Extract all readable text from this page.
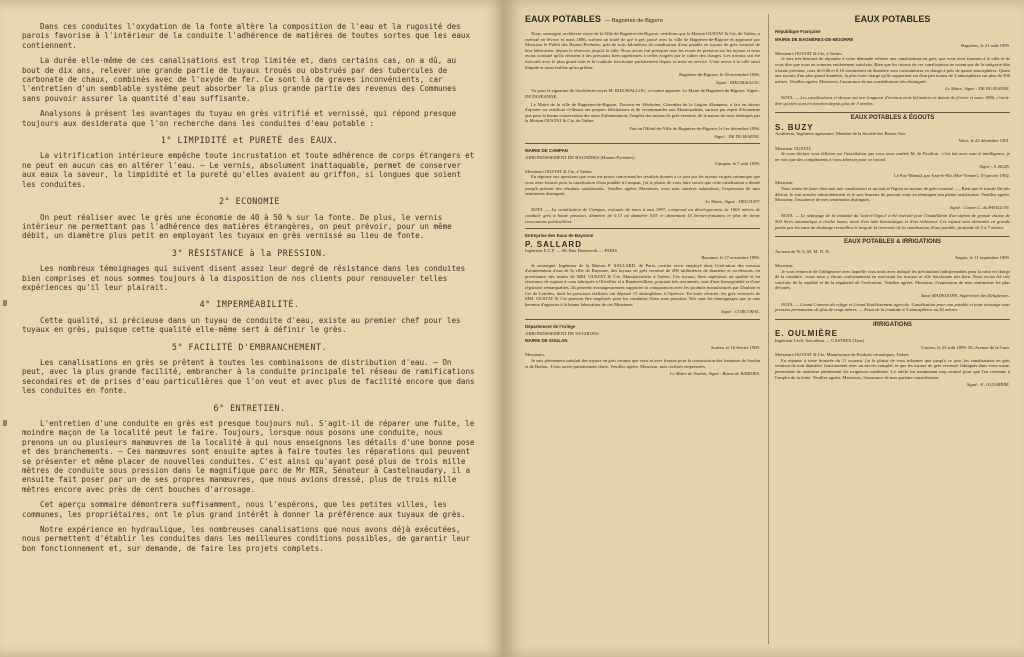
Dans ces conduites l'oxydation de la fonte altère la composition de l'eau et la rugosité des parois favorise à l'intérieur de la conduite l'adhérence de matières de toutes sortes que les eaux contiennent.

La durée elle-même de ces canalisations est trop limitée et, dans certains cas, on a dû, au bout de dix ans, relever une grande partie de tuyaux troués ou obstrués par des tubercules de carbonate de chaux, combinés avec de l'oxyde de fer. Ce sont là de graves inconvénients, car l'entretien d'un semblable système peut absorber la plus grande partie des revenus des Communes sans pouvoir assurer la quantité d'eau suffisante.

Analysons à présent les avantages du tuyau en grès vitrifié et vernissé, qui répond presque toujours aux desiderata que l'on recherche dans les conduites d'eau potable :

1° LIMPIDITÉ et PURETÉ des EAUX.

La vitrification intérieure empêche toute incrustation et toute adhérence de corps étrangers et ne peut en aucun cas en altérer l'eau. — Le vernis, absolument inattaquable, permet de conserver aux eaux la saveur, la limpidité et la pureté qu'elles avaient au griffon, si longues que soient les conduites.

2° ECONOMIE

On peut réaliser avec le grès une économie de 40 à 50 % sur la fonte. De plus, le vernis intérieur ne permettant pas l'adhérence des matières étrangères, on peut prévoir, pour un même débit, un diamètre plus petit en employant les tuyaux en grès vernissé au lieu de fonte.

3° RÉSISTANCE à la PRESSION.

Les nombreux témoignages qui suivent disent assez leur degré de résistance dans les conduites bien comprises et nous sommes toujours à la disposition de nos clients pour renouveler telles expériences qu'il leur plairait.

4° IMPERMÉABILITÉ.

Cette qualité, si précieuse dans un tuyau de conduite d'eau, existe au premier chef pour les tuyaux en grès, puisque cette qualité elle-même sert à définir le grès.

5° FACILITÉ D'EMBRANCHEMENT.

Les canalisations en grès se prêtent à toutes les combinaisons de distribution d'eau. — On peut, avec la plus grande facilité, embrancher à la conduite principale tel réseau de ramifications secondaires et de prises d'eau particulières que l'on veut et avec plus de facilité encore que dans les conduites en fonte.

6° ENTRETIEN.

L'entretien d'une conduite en grès est presque toujours nul. S'agit-il de réparer une fuite, le moindre maçon de la localité peut le faire. Toujours, lorsque nous posons une conduite, nous prenons un ou plusieurs manœuvres de la localité à qui nous enseignons les détails d'une bonne pose et des branchements. — Ces manœuvres sont ensuite aptes à faire toutes les réparations qui peuvent se présenter et même placer de nouvelles conduites. C'est ainsi qu'ayant posé plus de trois mille mètres de conduite sous pression dans le magnifique parc de Mr MIR, Sénateur à Castelnaudary, il a ensuite fait poser par un de ses propres manœuvres, que nous avions dressé, plus de trois mille mètres encore avec près de cent bouches d'arrosage.

Cet aperçu sommaire démontrera suffisamment, nous l'espérons, que les petites villes, les communes, les propriétaires, ont le plus grand intérêt à donner la préférence aux tuyaux de grès.

Notre expérience en hydraulique, les nombreuses canalisations que nous avons déjà exécutées, nous permettent d'établir les conduites dans les meilleures conditions possibles, de garantir leur bon fonctionnement et, sur demande, de faire les projets complets.

EAUX POTABLES — Bagnères-de-Bigorre

Nous, soussigné, architecte-voyer de la Ville de Bagnères-de-Bigorre, certifions que la Maison OUSTAT & Cie, de Tarbes, a exécuté en février et mars 1886, suivant un traité de gré à gré, passé avec la ville de Bagnères-de-Bigorre et approuvé par Monsieur le Préfet des Hautes-Pyrénées, près de trois kilomètres de canalisation d'eau potable en tuyaux de grès vernissé de leur fabrication, depuis le réservoir jusqu'à la ville. Nous avons fait pratiquer tous les essais de pression sur les tuyaux et nous avons constaté qu'ils résistent à des pressions bien supérieures à celles exigées par le cahier des charges. Les travaux ont été exécutés avec le plus grand soin et la conduite fonctionne parfaitement depuis sa mise en service. L'eau arrive à la ville aussi limpide et aussi fraîche qu'au griffon.

Bagnères-de-Bigorre, le 20 novembre 1896.
Signé : RIEUMALLOU.

Vu pour la signature de l'architecte-voyer M. RIEUMALLOU, ci-contre apposée. Le Maire de Bagnères-de-Bigorre. Signé : DE DUJEANNE.

Le Maire de la ville de Bagnères-de-Bigorre, Docteur en Médecine, Chevalier de la Légion d'honneur, a fait un devoir d'ajouter au certificat ci-dessus ses propres félicitations et de recommander aux Municipalités, surtout par esprit d'économie que pour la bonne conservation des eaux d'alimentation, l'emploi des tuyaux de grès vernissé, de la nature de ceux fabriqués par la Maison OUSTAT & Cie, de Tarbes.

Fait en l'Hôtel-de-Ville de Bagnères-de-Bigorre, le 1er décembre 1896.
Signé : DE DUJEANNE.
MAIRIE DE CAMPAN
ARRONDISSEMENT DE BAGNÈRES (Hautes-Pyrénées)
Campan, le 7 août 1899.
Messieurs OUSTAT & Cie, à Tarbes.

En réponse aux questions que vous me posez concernant les résultats donnés à ce jour par les tuyaux en grès céramique que vous avez fournis pour la canalisation d'eau potable à Campan, j'ai le plaisir de vous faire savoir que cette canalisation a donné jusqu'à présent des résultats satisfaisants. Veuillez agréer, Messieurs, avec mes sincères salutations, l'expression de mes sentiments distingués.

Le Maire, Signé : DELOUPT.

NOTA. — La canalisation de Campan, exécutée de mars à mai 1897, comprend un développement de 1800 mètres de conduite grès à haute pression, diamètre de 0,15 au diamètre 0,05 et alimentant 10 bornes-fontaines et plus de trente concessions particulières.

Entreprise des Eaux de Bayonne
P. SALLARD
Ingénieur E.C.P. — 68, Rue Dauvercelt — PARIS
Bayonne, le 27 novembre 1896.

Je soussigné, Ingénieur de la Maison P. SALLARD, de Paris, certifie avoir employé dans l'exécution des travaux d'alimentation d'eau de la ville de Bayonne, des tuyaux en grès vernissé de 200 millimètres de diamètre et au-dessous, en provenance des usines de MM. OUSTAT & Cie, Manufacturiers à Tarbes. Ces tuyaux, bien supérieurs en qualité et en résistance de rupture à ceux fabriqués à Olivellier et à Bambervilliers, pourtant très renommés, sont d'une homogénéité et d'une régularité remarquables. Ils peuvent avantageusement supporter la comparaison avec les produits manufacturés par Doulton et Cie de Londres, dont les pressions réalisées ont dépassé 15 atmosphères à l'épreuve. En toute sécurité, les grès vernissés de MM. OUSTAT & Cie peuvent être employés pour les conduites d'eau sous pression. Tels sont les témoignages que je suis heureux d'apporter à la bonne fabrication de ces Messieurs.

Signé : CORCORAL.
Département de l'Ariège
ARRONDISSEMENT DE ST-GIRONS
MAIRIE DE SOULAN
Soulan, le 16 février 1900.
Messieurs,

Je suis pleinement satisfait des tuyaux en grès céramé que vous m'avez fournis pour la construction des fontaines de Soulan et de Bodrac. L'eau arrive parfaitement claire. Veuillez agréer, Monsieur, mes civilités empressées.

Le Maire de Soulan, Signé : Baron de BARDIES.
EAUX POTABLES
République Française
MAIRIE DE BAGNÈRES-DE-BIGORRE
Bagnères, le 21 août 1899.
Messieurs OUSTAT & Cie, à Tarbes.

Je suis très heureux de répondre à votre demande relative aux canalisations en grès, que vous avez fournies à la ville et de vous dire que nous en sommes entièrement satisfaits. Bien que les tuyaux de ces canalisations ne soient pas de la catégorie dite à haute pression, ceux de 0,06 et 0,10 centimètres de diamètre sont constamment en charge à près de quatre atmosphères. Quant aux tuyaux d'un plus grand diamètre, la plus forte charge qu'ils supportent est d'un peu moins de 3 atmosphères sur plus de 500 mètres. Veuillez agréer, Messieurs, l'assurance de ma considération très distinguée.

Le Maire, Signé : DE DUJEANNE.

NOTA. — Les canalisations ci-dessus ont une longueur d'environ trois kilomètres et datent de février et mars 1896, c'est-à-dire qu'elles sont en fonction depuis plus de 3 années.

EAUX POTABLES & ÉGOUTS
S. BUZY
Architecte, Ingénieur agronome, Membre de la Société des Beaux-Arts
Niort, le 22 décembre 1901.
Monsieur OUSTAT,

Je vous déclare vous féliciter sur l'installation que vous avez confiée M. de Pavillon : c'est fait avec soin et intelligence, je ne vois que des compliments à vous adresser pour ce travail.

Signé : S. BUZY.
Le Puy-Menuil, par Azat-le-Riz (Hte-Vienne), 19 janvier 1902.
Monsieur,

Vous venez de faire chez moi une canalisation et un tout-à-l'égout en tuyaux de grès vernissé. — Bien que le travail fût très délicat, le tout marche admirablement et je suis heureux de pouvoir vous en témoigner ma pleine satisfaction. Veuillez agréer, Monsieur, l'assurance de mes sentiments distingués.

Signé : Comte G. du PAVILLON.

NOTA. — Le nettoyage de la conduite du 'tout-à-l'égout' a été exécuté pour l'installation d'un siphon de grande chasse de 500 litres automatique à cloche basse, muni d'un tube barostatique et d'un réducteur. Ces tuyaux sont alimentés en grande partie par les eaux du drainage recueillies le long de la traversée de la canalisation d'eau potable, profonde de 5 à 7 mètres.

EAUX POTABLES & IRRIGATIONS
Au nom de N. S. M. M. N. D.
Angiet, le 11 septembre 1899.
Monsieur,

Je vous remercie de l'obligeance avec laquelle vous nous avez indiqué les précautions indispensables pour la mise en charge de la conduite ; nous nous y étions conformément en exécutant les travaux et elle fonctionne très bien. Nous avons été très satisfaits de la rapidité et de la régularité de l'exécution. Veuillez agréer, Monsieur, l'expression de mes sentiments les plus dévoués.

Sœur MADELEINE, Supérieure des Religieuses.

NOTA. — Grand Couvent du refuge et Grand Etablissement agricole. Canalisation pour eau potable et pour arrosage sous pression permanente de plus de vingt mètres. — Essai de la conduite à 5 atmosphères au 50 mètres.

IRRIGATIONS
E. OULMIÈRE
Ingénieur Civil, Aviculteur — CASTRES (Tarn)
Castres, le 23 août 1899. 58, Avenue de la Garn.
Messieurs OUSTAT & Cie, Manufacture de Produits céramiques, Tarbes.

En réponse à votre honorée du 11 courant, j'ai le plaisir de vous informer que jusqu'à ce jour, les canalisations en grès vernissé de tout diamètre, fonctionnent avec un succès complet, et que les tuyaux de grès vernissé, fabriqués dans votre usine, permettent de satisfaire pleinement les exigences modernes. Le siècle est maintenant trop avancé pour que l'on revienne à l'emploi de la fonte. Veuillez agréer, Messieurs, l'assurance de mes parfaite considération.

Signé : E. OULMIÈRE.
